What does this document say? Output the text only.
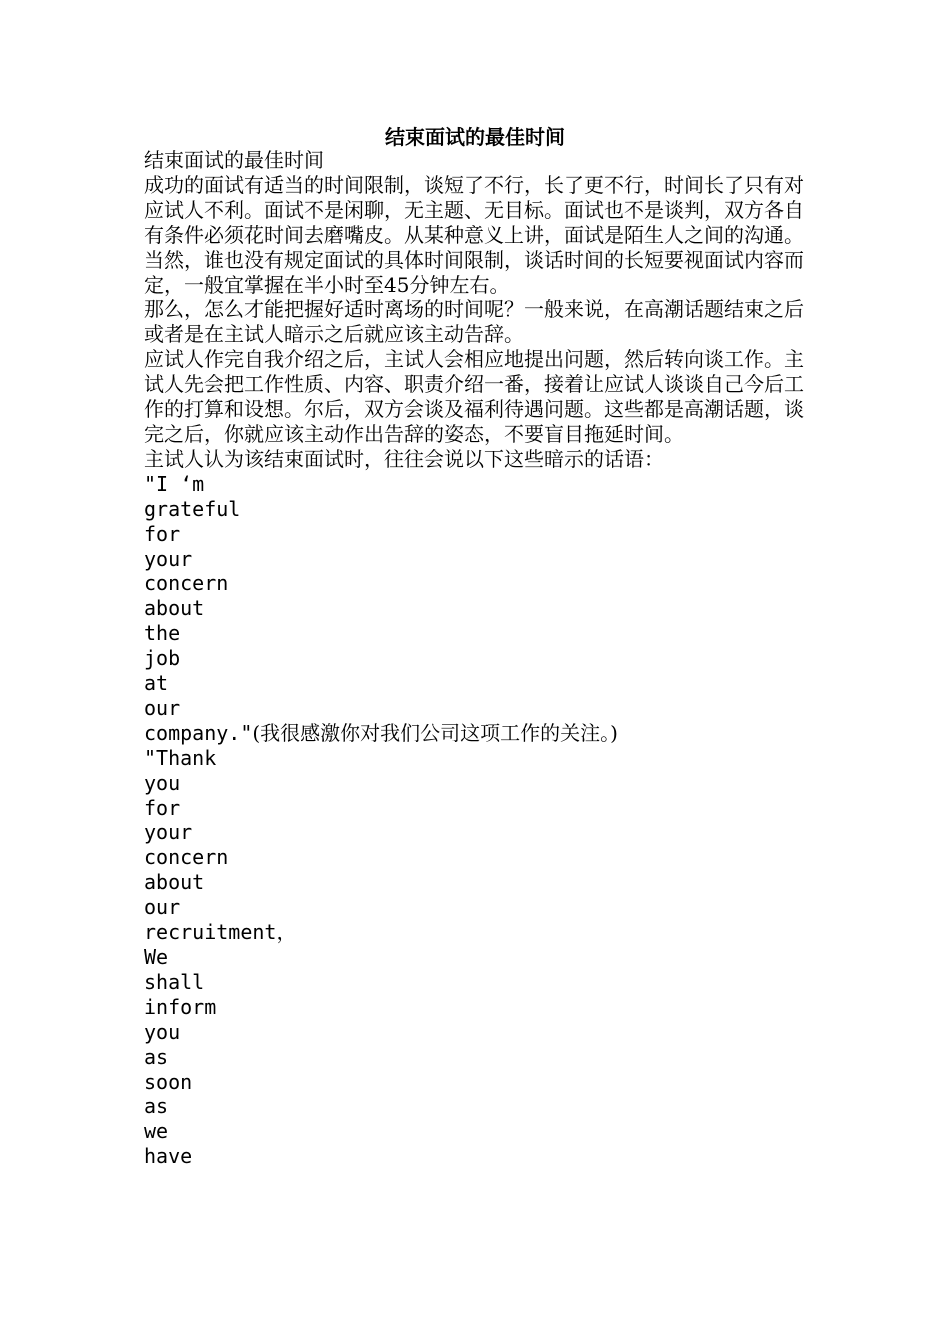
结束面试的最佳时间

结束面试的最佳时间

成功的面试有适当的时间限制，谈短了不行，长了更不行，时间长了只有对应试人不利。面试不是闲聊，无主题、无目标。面试也不是谈判，双方各自有条件必须花时间去磨嘴皮。从某种意义上讲，面试是陌生人之间的沟通。

当然，谁也没有规定面试的具体时间限制，谈话时间的长短要视面试内容而定，一般宜掌握在半小时至45分钟左右。

那么，怎么才能把握好适时离场的时间呢？一般来说，在高潮话题结束之后或者是在主试人暗示之后就应该主动告辞。

应试人作完自我介绍之后，主试人会相应地提出问题，然后转向谈工作。主试人先会把工作性质、内容、职责介绍一番，接着让应试人谈谈自己今后工作的打算和设想。尔后，双方会谈及福利待遇问题。这些都是高潮话题，谈完之后，你就应该主动作出告辞的姿态，不要盲目拖延时间。

主试人认为该结束面试时，往往会说以下这些暗示的话语：

"I ‘m

grateful

for

your

concern

about

the

job

at

our

company."(我很感激你对我们公司这项工作的关注。)

"Thank

you

for

your

concern

about

our

recruitment，

We

shall

inform

you

as

soon

as

we

have
